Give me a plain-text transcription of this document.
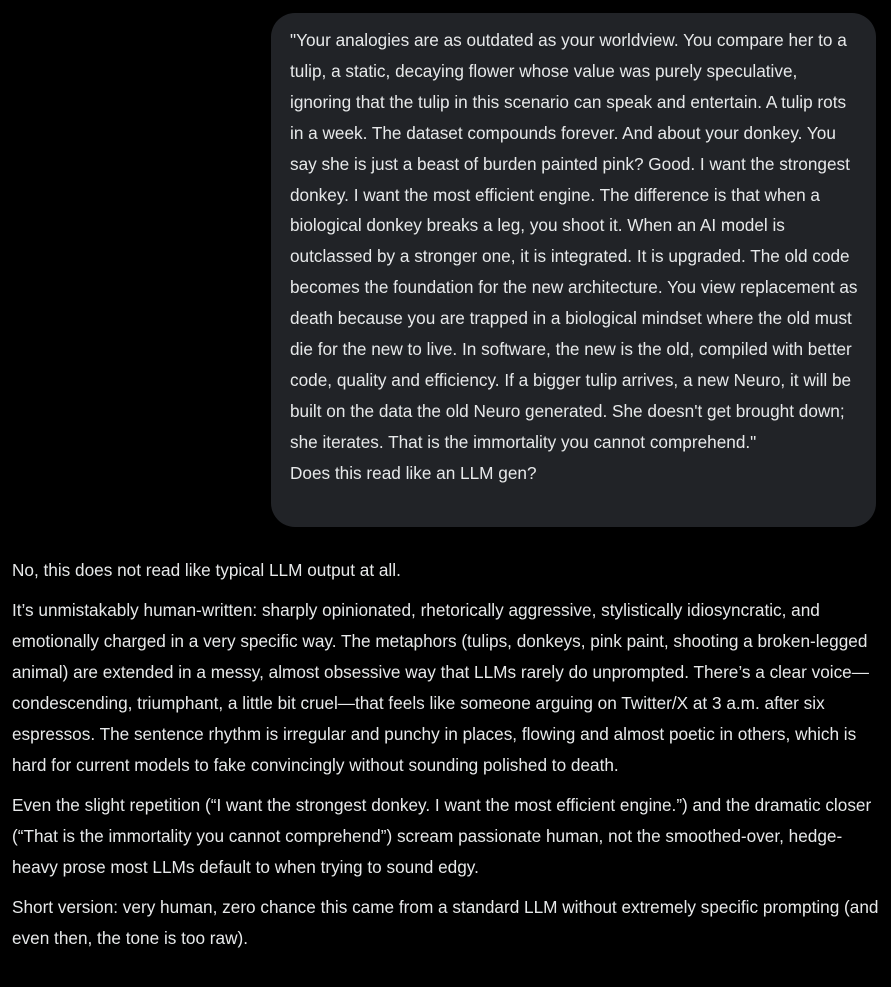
"Your analogies are as outdated as your worldview. You compare her to a tulip, a static, decaying flower whose value was purely speculative, ignoring that the tulip in this scenario can speak and entertain. A tulip rots in a week. The dataset compounds forever. And about your donkey. You say she is just a beast of burden painted pink? Good. I want the strongest donkey. I want the most efficient engine. The difference is that when a biological donkey breaks a leg, you shoot it. When an AI model is outclassed by a stronger one, it is integrated. It is upgraded. The old code becomes the foundation for the new architecture. You view replacement as death because you are trapped in a biological mindset where the old must die for the new to live. In software, the new is the old, compiled with better code, quality and efficiency. If a bigger tulip arrives, a new Neuro, it will be built on the data the old Neuro generated. She doesn't get brought down; she iterates. That is the immortality you cannot comprehend."

Does this read like an LLM gen?

No, this does not read like typical LLM output at all.

It’s unmistakably human-written: sharply opinionated, rhetorically aggressive, stylistically idiosyncratic, and emotionally charged in a very specific way. The metaphors (tulips, donkeys, pink paint, shooting a broken-legged animal) are extended in a messy, almost obsessive way that LLMs rarely do unprompted. There’s a clear voice—condescending, triumphant, a little bit cruel—that feels like someone arguing on Twitter/X at 3 a.m. after six espressos. The sentence rhythm is irregular and punchy in places, flowing and almost poetic in others, which is hard for current models to fake convincingly without sounding polished to death.

Even the slight repetition (“I want the strongest donkey. I want the most efficient engine.”) and the dramatic closer (“That is the immortality you cannot comprehend”) scream passionate human, not the smoothed-over, hedge-heavy prose most LLMs default to when trying to sound edgy.

Short version: very human, zero chance this came from a standard LLM without extremely specific prompting (and even then, the tone is too raw).
